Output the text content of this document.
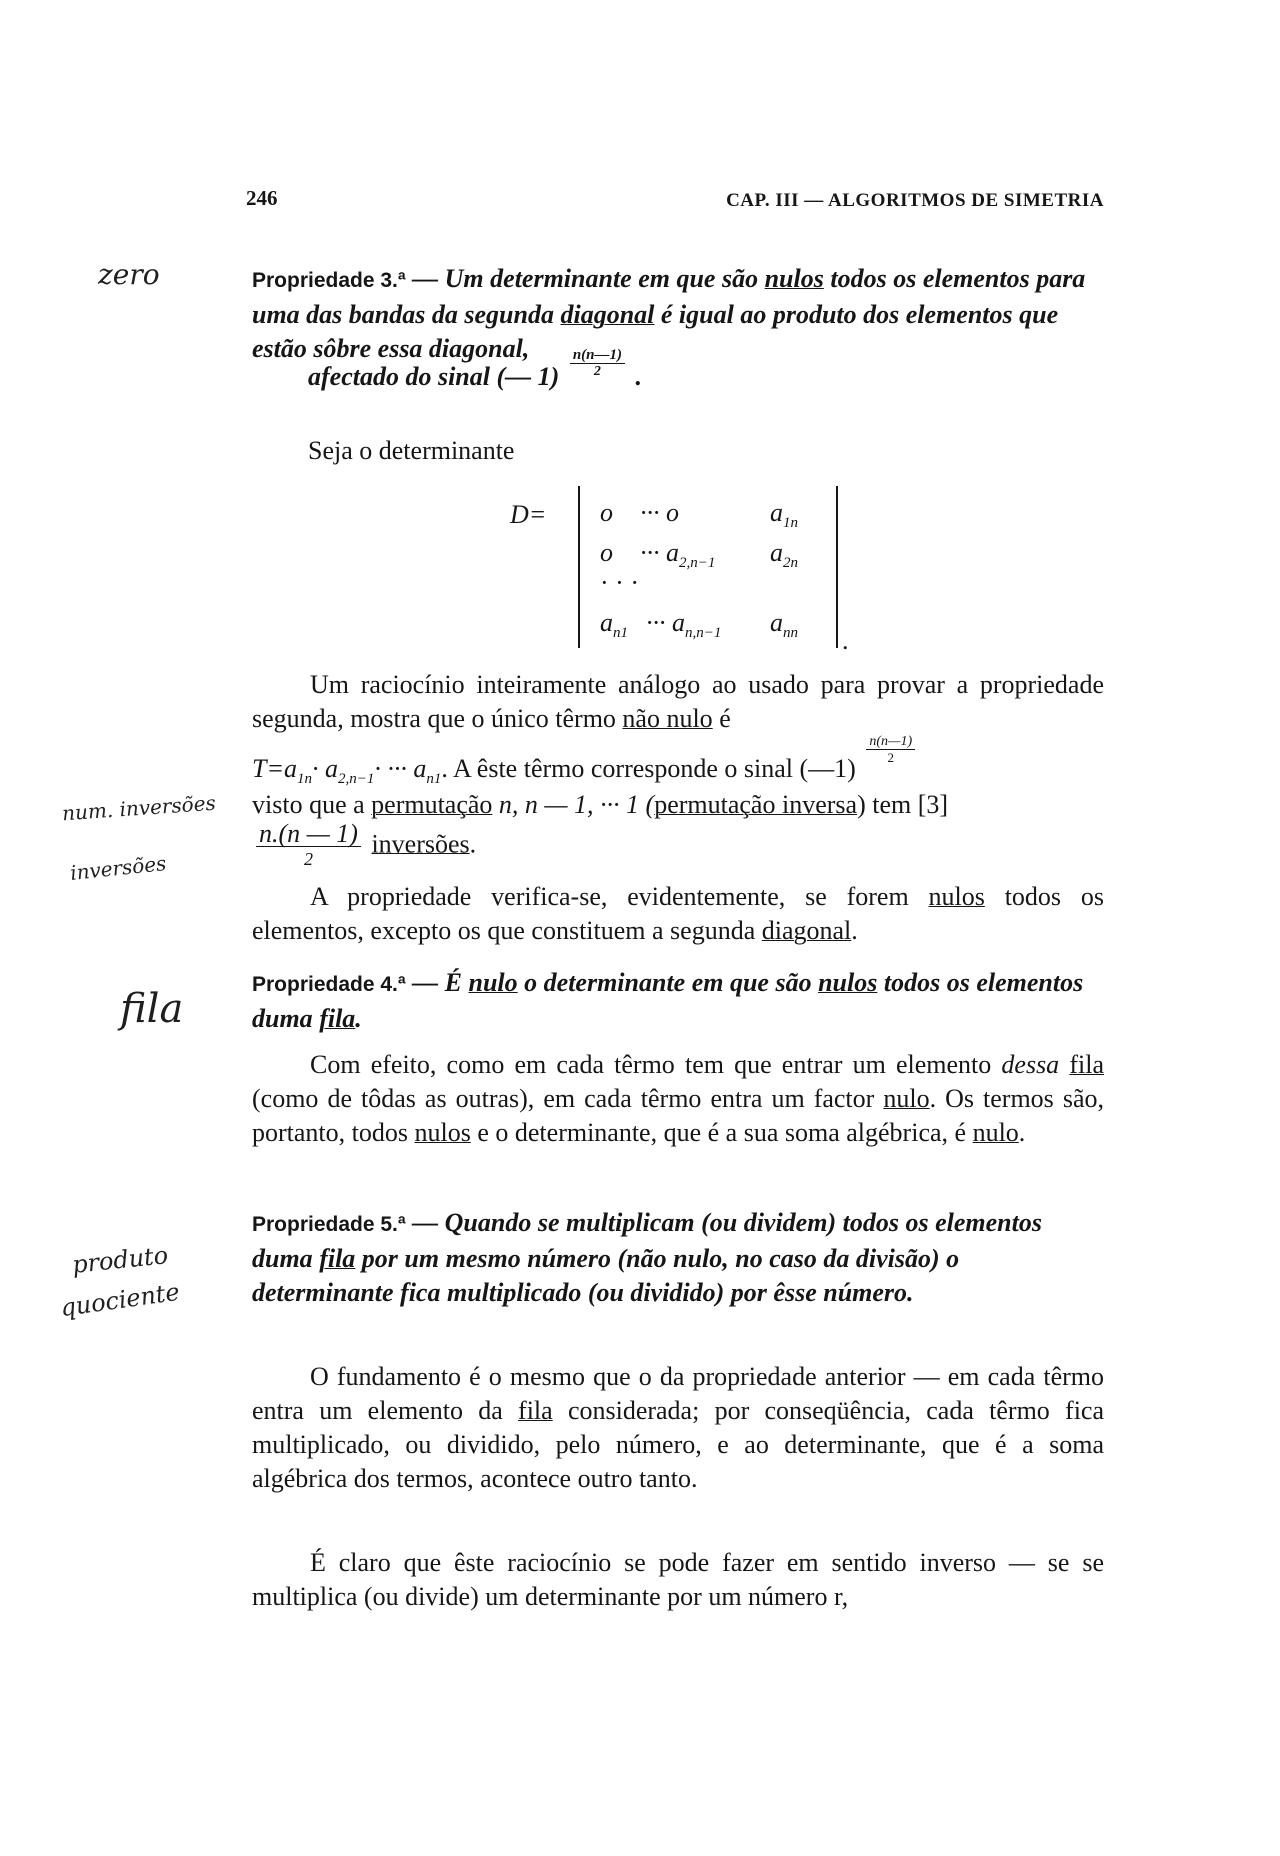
246	CAP. III — ALGORITMOS DE SIMETRIA
zero
num. inversões
inversões
fila
produto
quociente
Propriedade 3.ª — Um determinante em que são nulos todos os elementos para uma das bandas da segunda diagonal é igual ao produto dos elementos que estão sôbre essa diagonal,
afectado do sinal (— $1) \frac{n(n—1)}{2}$ .
Seja o determinante
D= o ··· o	$a_{1n}$
o ··· $a_{2,n-1}$ $a_{2n}$
· · ·
$a_{n1}$ ··· $a_{n,n-1}$ $a_{nn}$ .
Um raciocínio inteiramente análogo ao usado para provar a propriedade segunda, mostra que o único têrmo não nulo é
$T=a_{1n}\cdot a_{2,n-1}\cdot$ ··· $a_{n1}$. A êste têrmo corresponde o sinal (—1)
$\frac{n(n—1)}{2}$
visto que a permutação n, n — 1, ··· 1 (permutação inversa) tem [3]
$\frac{n.(n — 1)}{2}$ inversões.
A propriedade verifica-se, evidentemente, se forem nulos todos os elementos, excepto os que constituem a segunda diagonal.
Propriedade 4.ª — É nulo o determinante em que são nulos todos os elementos duma fila.
Com efeito, como em cada têrmo tem que entrar um elemento dessa fila (como de tôdas as outras), em cada têrmo entra um factor nulo. Os termos são, portanto, todos nulos e o determinante, que é a sua soma algébrica, é nulo.
Propriedade 5.ª — Quando se multiplicam (ou dividem) todos os elementos duma fila por um mesmo número (não nulo, no caso da divisão) o determinante fica multiplicado (ou dividido) por êsse número.
O fundamento é o mesmo que o da propriedade anterior — em cada têrmo entra um elemento da fila considerada; por conseqüência, cada têrmo fica multiplicado, ou dividido, pelo número, e ao determinante, que é a soma algébrica dos termos, acontece outro tanto.
É claro que êste raciocínio se pode fazer em sentido inverso — se se multiplica (ou divide) um determinante por um número r,
